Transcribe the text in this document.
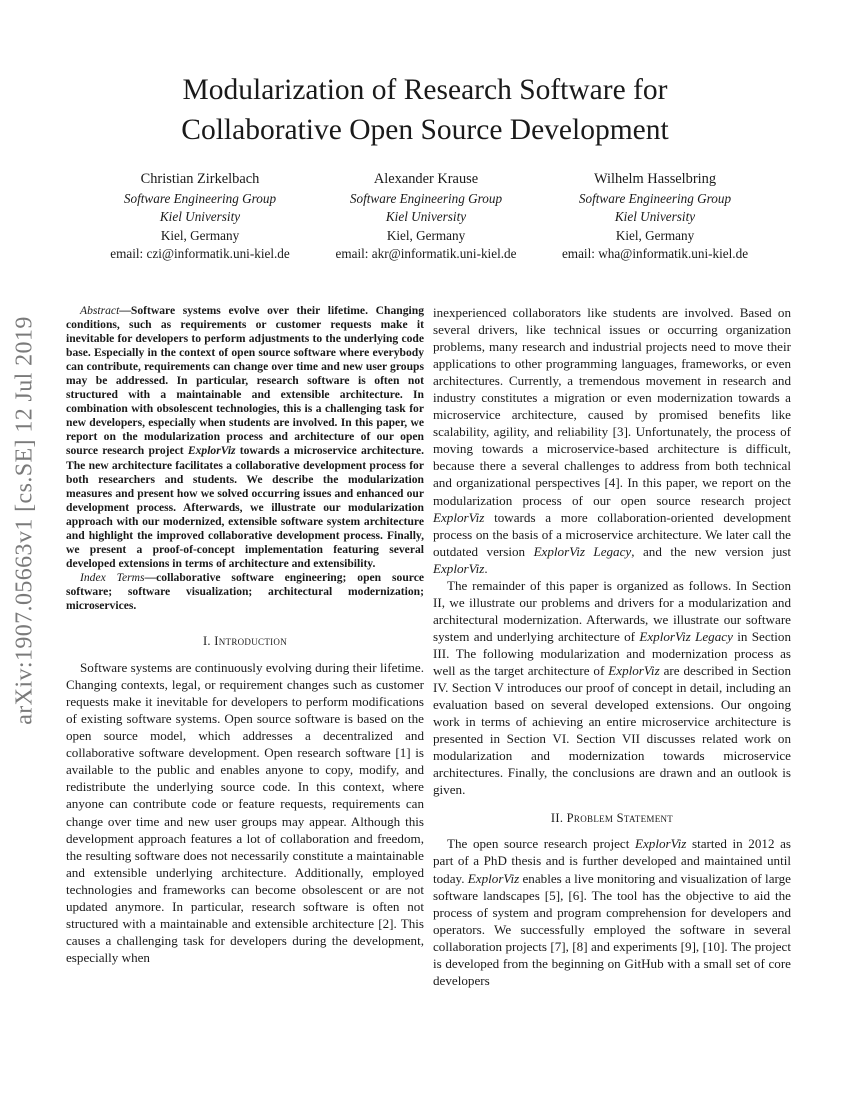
arXiv:1907.05663v1 [cs.SE] 12 Jul 2019
Modularization of Research Software for
Collaborative Open Source Development
Christian Zirkelbach
Software Engineering Group
Kiel University
Kiel, Germany
email: czi@informatik.uni-kiel.de
Alexander Krause
Software Engineering Group
Kiel University
Kiel, Germany
email: akr@informatik.uni-kiel.de
Wilhelm Hasselbring
Software Engineering Group
Kiel University
Kiel, Germany
email: wha@informatik.uni-kiel.de

Abstract—Software systems evolve over their lifetime. Changing conditions, such as requirements or customer requests make it inevitable for developers to perform adjustments to the underlying code base. Especially in the context of open source software where everybody can contribute, requirements can change over time and new user groups may be addressed. In particular, research software is often not structured with a maintainable and extensible architecture. In combination with obsolescent technologies, this is a challenging task for new developers, especially when students are involved. In this paper, we report on the modularization process and architecture of our open source research project ExplorViz towards a microservice architecture. The new architecture facilitates a collaborative development process for both researchers and students. We describe the modularization measures and present how we solved occurring issues and enhanced our development process. Afterwards, we illustrate our modularization approach with our modernized, extensible software system architecture and highlight the improved collaborative development process. Finally, we present a proof-of-concept implementation featuring several developed extensions in terms of architecture and extensibility.

Index Terms—collaborative software engineering; open source software; software visualization; architectural modernization; microservices.

I. Introduction

Software systems are continuously evolving during their lifetime. Changing contexts, legal, or requirement changes such as customer requests make it inevitable for developers to perform modifications of existing software systems. Open source software is based on the open source model, which addresses a decentralized and collaborative software development. Open research software [1] is available to the public and enables anyone to copy, modify, and redistribute the underlying source code. In this context, where anyone can contribute code or feature requests, requirements can change over time and new user groups may appear. Although this development approach features a lot of collaboration and freedom, the resulting software does not necessarily constitute a maintainable and extensible underlying architecture. Additionally, employed technologies and frameworks can become obsolescent or are not updated anymore. In particular, research software is often not structured with a maintainable and extensible architecture [2]. This causes a challenging task for developers during the development, especially when

inexperienced collaborators like students are involved. Based on several drivers, like technical issues or occurring organization problems, many research and industrial projects need to move their applications to other programming languages, frameworks, or even architectures. Currently, a tremendous movement in research and industry constitutes a migration or even modernization towards a microservice architecture, caused by promised benefits like scalability, agility, and reliability [3]. Unfortunately, the process of moving towards a microservice-based architecture is difficult, because there a several challenges to address from both technical and organizational perspectives [4]. In this paper, we report on the modularization process of our open source research project ExplorViz towards a more collaboration-oriented development process on the basis of a microservice architecture. We later call the outdated version ExplorViz Legacy, and the new version just ExplorViz.

The remainder of this paper is organized as follows. In Section II, we illustrate our problems and drivers for a modularization and architectural modernization. Afterwards, we illustrate our software system and underlying architecture of ExplorViz Legacy in Section III. The following modularization and modernization process as well as the target architecture of ExplorViz are described in Section IV. Section V introduces our proof of concept in detail, including an evaluation based on several developed extensions. Our ongoing work in terms of achieving an entire microservice architecture is presented in Section VI. Section VII discusses related work on modularization and modernization towards microservice architectures. Finally, the conclusions are drawn and an outlook is given.

II. Problem Statement

The open source research project ExplorViz started in 2012 as part of a PhD thesis and is further developed and maintained until today. ExplorViz enables a live monitoring and visualization of large software landscapes [5], [6]. The tool has the objective to aid the process of system and program comprehension for developers and operators. We successfully employed the software in several collaboration projects [7], [8] and experiments [9], [10]. The project is developed from the beginning on GitHub with a small set of core developers
